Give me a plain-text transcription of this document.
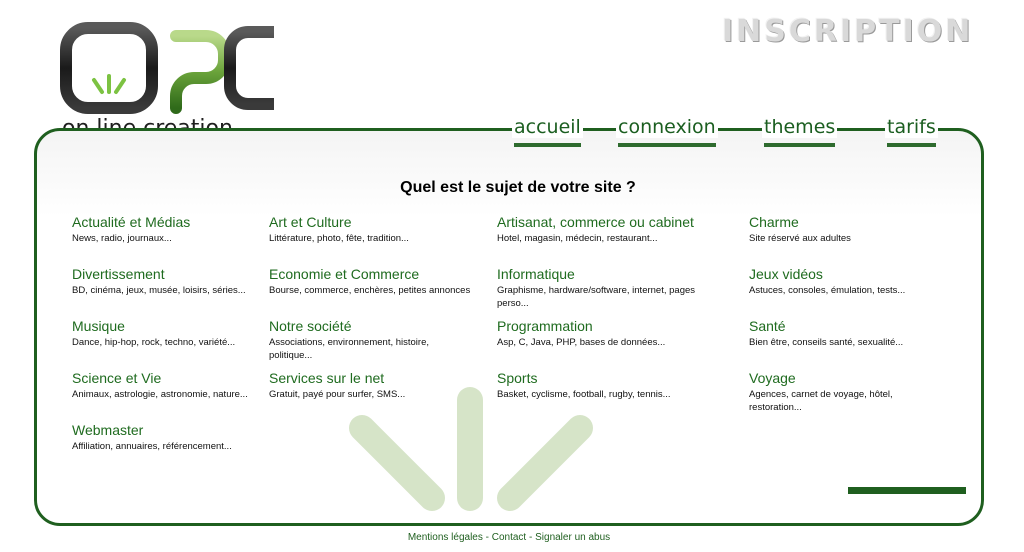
INSCRIPTION
accueil connexion	themes	tarifs
Quel est le sujet de votre site ?
Actualité et Médias
News, radio, journaux...
Art et Culture
Littérature, photo, fête, tradition...
Artisanat, commerce ou cabinet
Hotel, magasin, médecin, restaurant...
Charme
Site réservé aux adultes
Divertissement
BD, cinéma, jeux, musée, loisirs, séries...
Economie et Commerce
Bourse, commerce, enchères, petites annonces
Informatique
Graphisme, hardware/software, internet, pages perso...
Jeux vidéos
Astuces, consoles, émulation, tests...
Musique
Dance, hip-hop, rock, techno, variété...
Notre société
Associations, environnement, histoire, politique...
Programmation
Asp, C, Java, PHP, bases de données...
Santé
Bien être, conseils santé, sexualité...
Science et Vie
Animaux, astrologie, astronomie, nature...
Services sur le net
Gratuit, payé pour surfer, SMS...
Sports
Basket, cyclisme, football, rugby, tennis...
Voyage
Agences, carnet de voyage, hôtel, restoration...
Webmaster
Affiliation, annuaires, référencement...
Mentions légales - Contact - Signaler un abus
